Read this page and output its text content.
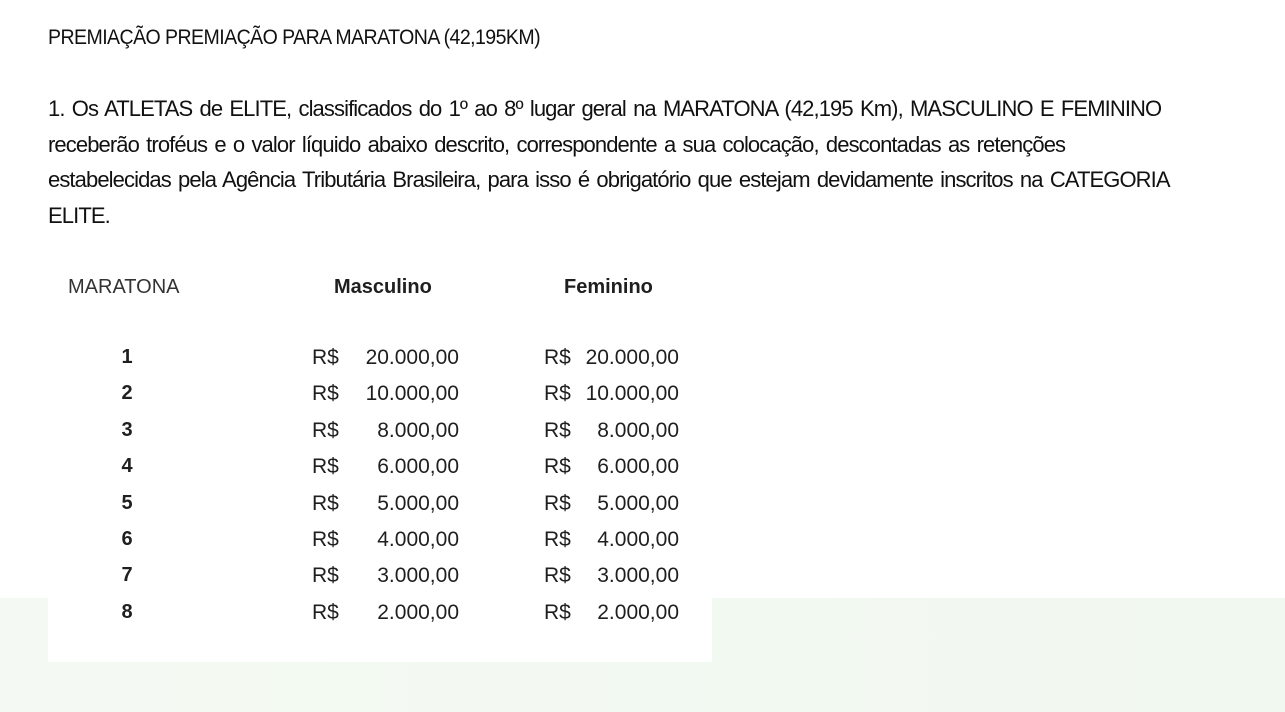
PREMIAÇÃO PREMIAÇÃO PARA MARATONA (42,195KM)
1. Os ATLETAS de ELITE, classificados do 1º ao 8º lugar geral na MARATONA (42,195 Km), MASCULINO E FEMININO
receberão troféus e o valor líquido abaixo descrito, correspondente a sua colocação, descontadas as retenções
estabelecidas pela Agência Tributária Brasileira, para isso é obrigatório que estejam devidamente inscritos na CATEGORIA
ELITE.
MARATONA	Masculino	Feminino
1	R$	20.000,00	R$ 20.000,00
2	R$	10.000,00	R$ 10.000,00
3	R$	8.000,00	R$	8.000,00
4	R$	6.000,00	R$	6.000,00
5	R$	5.000,00	R$	5.000,00
6	R$	4.000,00	R$	4.000,00
7	R$	3.000,00	R$	3.000,00
8	R$	2.000,00	R$	2.000,00
